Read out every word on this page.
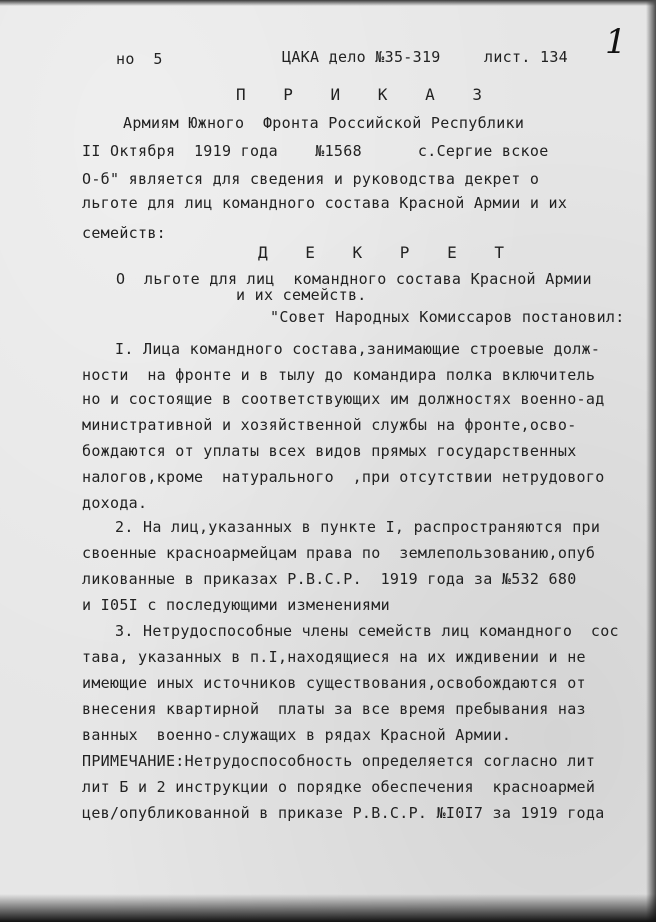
но  5	ЦАКА дело №35-319	лист. 134 1
П Р И К А З
Армиям Южного  Фронта Российской Республики
II Октября  1919 года    №1568      с.Сергие вское
О-б" является для сведения и руководства декрет о
льготе для лиц командного состава Красной Армии и их
семейств:
Д Е К Р Е Т
О  льготе для лиц  командного состава Красной Армии
и их семейств.
"Совет Народных Комиссаров постановил:
I. Лица командного состава,занимающие строевые долж-
ности  на фронте и в тылу до командира полка включитель
но и состоящие в соответствующих им должностях военно-ад
министративной и хозяйственной службы на фронте,осво-
бождаются от уплаты всех видов прямых государственных
налогов,кроме  натурального  ,при отсутствии нетрудового
дохода.
2. На лиц,указанных в пункте I, распространяются при
своенные красноармейцам права по  землепользованию,опуб
ликованные в приказах Р.В.С.Р.  1919 года за №532 680
и I05I с последующими изменениями
3. Нетрудоспособные члены семейств лиц командного  сос
тава, указанных в п.I,находящиеся на их иждивении и не
имеющие иных источников существования,освобождаются от
внесения квартирной  платы за все время пребывания наз
ванных  военно-служащих в рядах Красной Армии.
ПРИМЕЧАНИЕ:Нетрудоспособность определяется согласно лит
лит Б и 2 инструкции о порядке обеспечения  красноармей
цев/опубликованной в приказе Р.В.С.Р. №I0I7 за 1919 года
